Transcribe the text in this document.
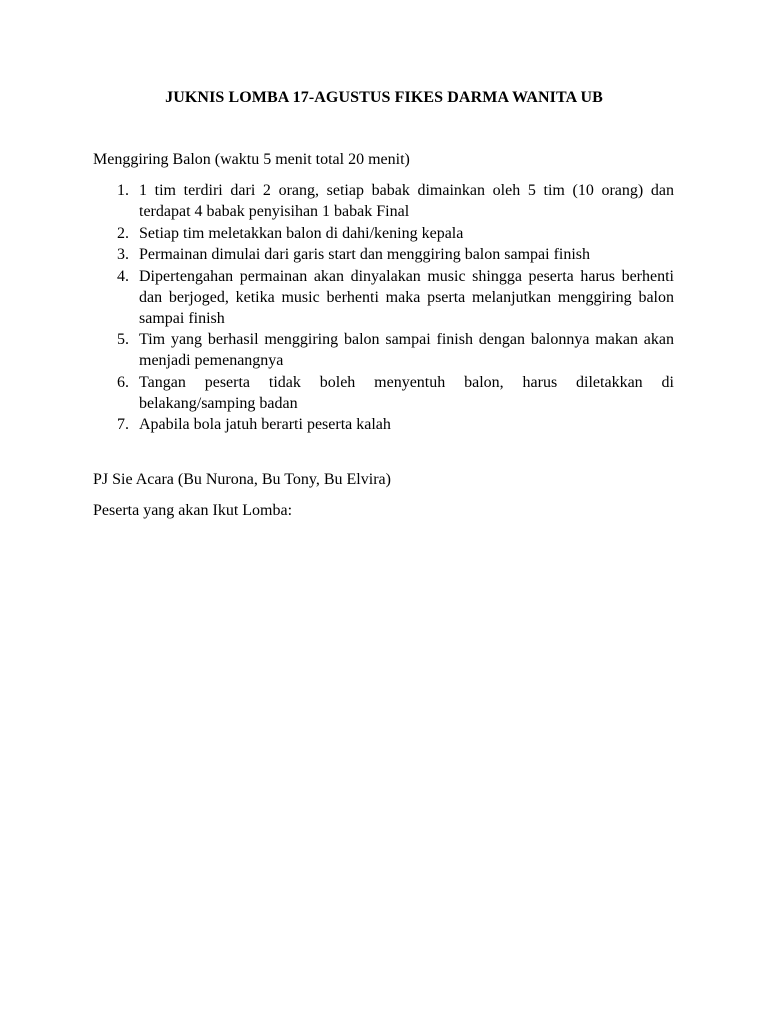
JUKNIS LOMBA 17-AGUSTUS FIKES DARMA WANITA UB
Menggiring Balon (waktu 5 menit total 20 menit)
1. 1 tim terdiri dari 2 orang, setiap babak dimainkan oleh 5 tim (10 orang) dan terdapat 4 babak penyisihan 1 babak Final
2. Setiap tim meletakkan balon di dahi/kening kepala
3. Permainan dimulai dari garis start dan menggiring balon sampai finish
4. Dipertengahan permainan akan dinyalakan music shingga peserta harus berhenti dan berjoged, ketika music berhenti maka pserta melanjutkan menggiring balon sampai finish
5. Tim yang berhasil menggiring balon sampai finish dengan balonnya makan akan menjadi pemenangnya
6. Tangan peserta tidak boleh menyentuh balon, harus diletakkan di belakang/samping badan
7. Apabila bola jatuh berarti peserta kalah
PJ Sie Acara (Bu Nurona, Bu Tony, Bu Elvira)
Peserta yang akan Ikut Lomba:
